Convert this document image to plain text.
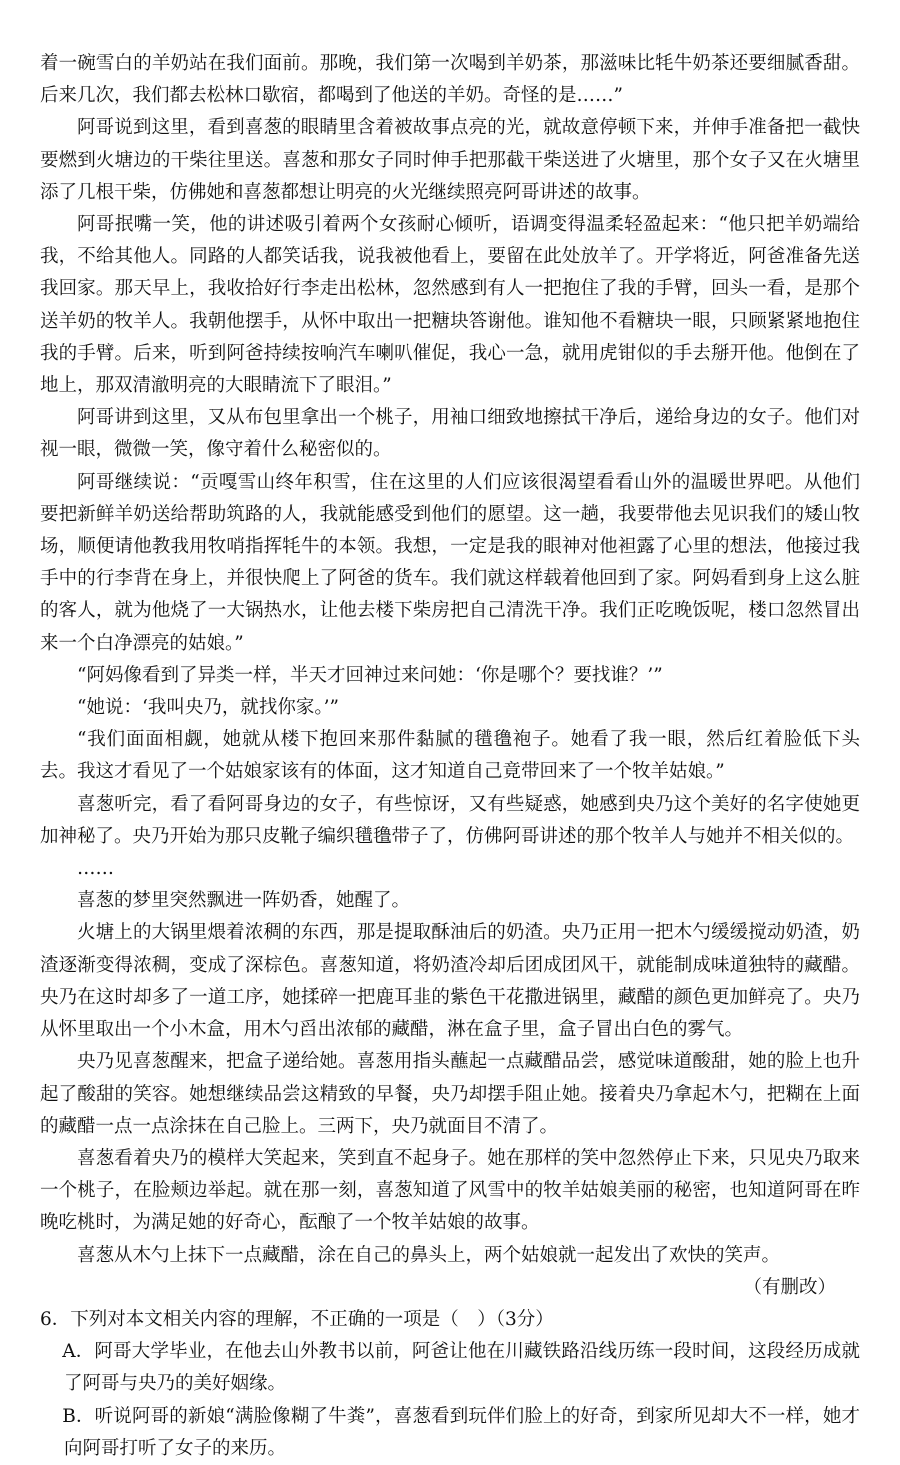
着一碗雪白的羊奶站在我们面前。那晚，我们第一次喝到羊奶茶，那滋味比牦牛奶茶还要细腻香甜。后来几次，我们都去松林口歇宿，都喝到了他送的羊奶。奇怪的是……”
阿哥说到这里，看到喜葱的眼睛里含着被故事点亮的光，就故意停顿下来，并伸手准备把一截快要燃到火塘边的干柴往里送。喜葱和那女子同时伸手把那截干柴送进了火塘里，那个女子又在火塘里添了几根干柴，仿佛她和喜葱都想让明亮的火光继续照亮阿哥讲述的故事。
阿哥抿嘴一笑，他的讲述吸引着两个女孩耐心倾听，语调变得温柔轻盈起来：“他只把羊奶端给我，不给其他人。同路的人都笑话我，说我被他看上，要留在此处放羊了。开学将近，阿爸准备先送我回家。那天早上，我收拾好行李走出松林，忽然感到有人一把抱住了我的手臂，回头一看，是那个送羊奶的牧羊人。我朝他摆手，从怀中取出一把糖块答谢他。谁知他不看糖块一眼，只顾紧紧地抱住我的手臂。后来，听到阿爸持续按响汽车喇叭催促，我心一急，就用虎钳似的手去掰开他。他倒在了地上，那双清澈明亮的大眼睛流下了眼泪。”
阿哥讲到这里，又从布包里拿出一个桃子，用袖口细致地擦拭干净后，递给身边的女子。他们对视一眼，微微一笑，像守着什么秘密似的。
阿哥继续说：“贡嘎雪山终年积雪，住在这里的人们应该很渴望看看山外的温暖世界吧。从他们要把新鲜羊奶送给帮助筑路的人，我就能感受到他们的愿望。这一趟，我要带他去见识我们的矮山牧场，顺便请他教我用牧哨指挥牦牛的本领。我想，一定是我的眼神对他袒露了心里的想法，他接过我手中的行李背在身上，并很快爬上了阿爸的货车。我们就这样载着他回到了家。阿妈看到身上这么脏的客人，就为他烧了一大锅热水，让他去楼下柴房把自己清洗干净。我们正吃晚饭呢，楼口忽然冒出来一个白净漂亮的姑娘。”
“阿妈像看到了异类一样，半天才回神过来问她：‘你是哪个？要找谁？’”
“她说：‘我叫央乃，就找你家。’”
“我们面面相觑，她就从楼下抱回来那件黏腻的氆氇袍子。她看了我一眼，然后红着脸低下头去。我这才看见了一个姑娘家该有的体面，这才知道自己竟带回来了一个牧羊姑娘。”
喜葱听完，看了看阿哥身边的女子，有些惊讶，又有些疑惑，她感到央乃这个美好的名字使她更加神秘了。央乃开始为那只皮靴子编织氆氇带子了，仿佛阿哥讲述的那个牧羊人与她并不相关似的。
……
喜葱的梦里突然飘进一阵奶香，她醒了。
火塘上的大锅里煨着浓稠的东西，那是提取酥油后的奶渣。央乃正用一把木勺缓缓搅动奶渣，奶渣逐渐变得浓稠，变成了深棕色。喜葱知道，将奶渣冷却后团成团风干，就能制成味道独特的藏醋。央乃在这时却多了一道工序，她揉碎一把鹿耳韭的紫色干花撒进锅里，藏醋的颜色更加鲜亮了。央乃从怀里取出一个小木盒，用木勺舀出浓郁的藏醋，淋在盒子里，盒子冒出白色的雾气。
央乃见喜葱醒来，把盒子递给她。喜葱用指头蘸起一点藏醋品尝，感觉味道酸甜，她的脸上也升起了酸甜的笑容。她想继续品尝这精致的早餐，央乃却摆手阻止她。接着央乃拿起木勺，把糊在上面的藏醋一点一点涂抹在自己脸上。三两下，央乃就面目不清了。
喜葱看着央乃的模样大笑起来，笑到直不起身子。她在那样的笑中忽然停止下来，只见央乃取来一个桃子，在脸颊边举起。就在那一刻，喜葱知道了风雪中的牧羊姑娘美丽的秘密，也知道阿哥在昨晚吃桃时，为满足她的好奇心，酝酿了一个牧羊姑娘的故事。
喜葱从木勺上抹下一点藏醋，涂在自己的鼻头上，两个姑娘就一起发出了欢快的笑声。
（有删改）
6．下列对本文相关内容的理解，不正确的一项是（　）（3分）
A．阿哥大学毕业，在他去山外教书以前，阿爸让他在川藏铁路沿线历练一段时间，这段经历成就了阿哥与央乃的美好姻缘。
B．听说阿哥的新娘“满脸像糊了牛粪”，喜葱看到玩伴们脸上的好奇，到家所见却大不一样，她才向阿哥打听了女子的来历。
